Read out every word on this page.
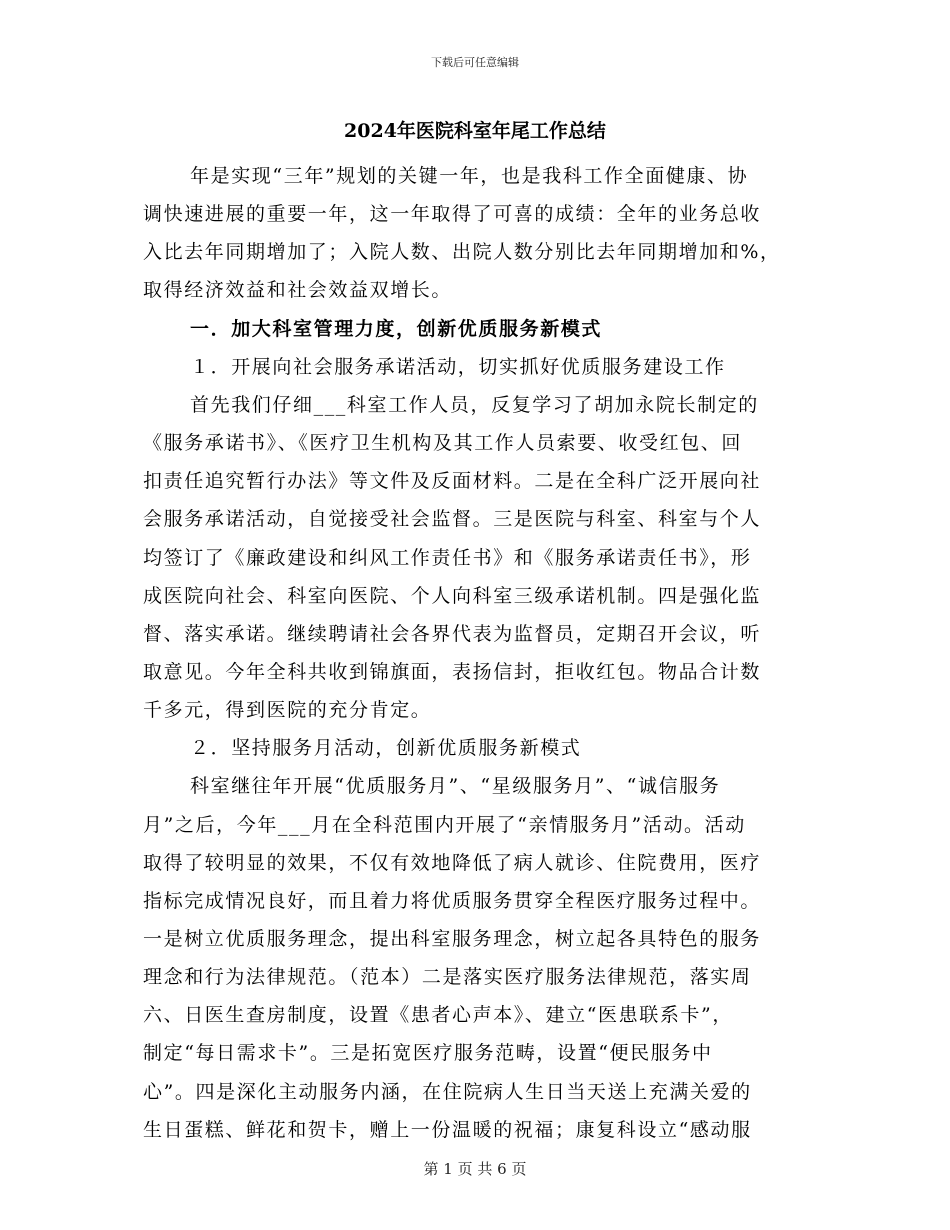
下载后可任意编辑
2024年医院科室年尾工作总结
年是实现“三年”规划的关键一年，也是我科工作全面健康、协
调快速进展的重要一年，这一年取得了可喜的成绩：全年的业务总收
入比去年同期增加了；入院人数、出院人数分别比去年同期增加和%，
取得经济效益和社会效益双增长。
一．加大科室管理力度，创新优质服务新模式
１．开展向社会服务承诺活动，切实抓好优质服务建设工作
首先我们仔细___科室工作人员，反复学习了胡加永院长制定的
《服务承诺书》、《医疗卫生机构及其工作人员索要、收受红包、回
扣责任追究暂行办法》等文件及反面材料。二是在全科广泛开展向社
会服务承诺活动，自觉接受社会监督。三是医院与科室、科室与个人
均签订了《廉政建设和纠风工作责任书》和《服务承诺责任书》，形
成医院向社会、科室向医院、个人向科室三级承诺机制。四是强化监
督、落实承诺。继续聘请社会各界代表为监督员，定期召开会议，听
取意见。今年全科共收到锦旗面，表扬信封，拒收红包。物品合计数
千多元，得到医院的充分肯定。
２．坚持服务月活动，创新优质服务新模式
科室继往年开展“优质服务月”、“星级服务月”、“诚信服务
月”之后，今年___月在全科范围内开展了“亲情服务月”活动。活动
取得了较明显的效果，不仅有效地降低了病人就诊、住院费用，医疗
指标完成情况良好，而且着力将优质服务贯穿全程医疗服务过程中。
一是树立优质服务理念，提出科室服务理念，树立起各具特色的服务
理念和行为法律规范。（范本）二是落实医疗服务法律规范，落实周
六、日医生查房制度，设置《患者心声本》、建立“医患联系卡”，
制定“每日需求卡”。三是拓宽医疗服务范畴，设置“便民服务中
心”。四是深化主动服务内涵，在住院病人生日当天送上充满关爱的
生日蛋糕、鲜花和贺卡，赠上一份温暖的祝福；康复科设立“感动服
第 1 页 共 6 页
